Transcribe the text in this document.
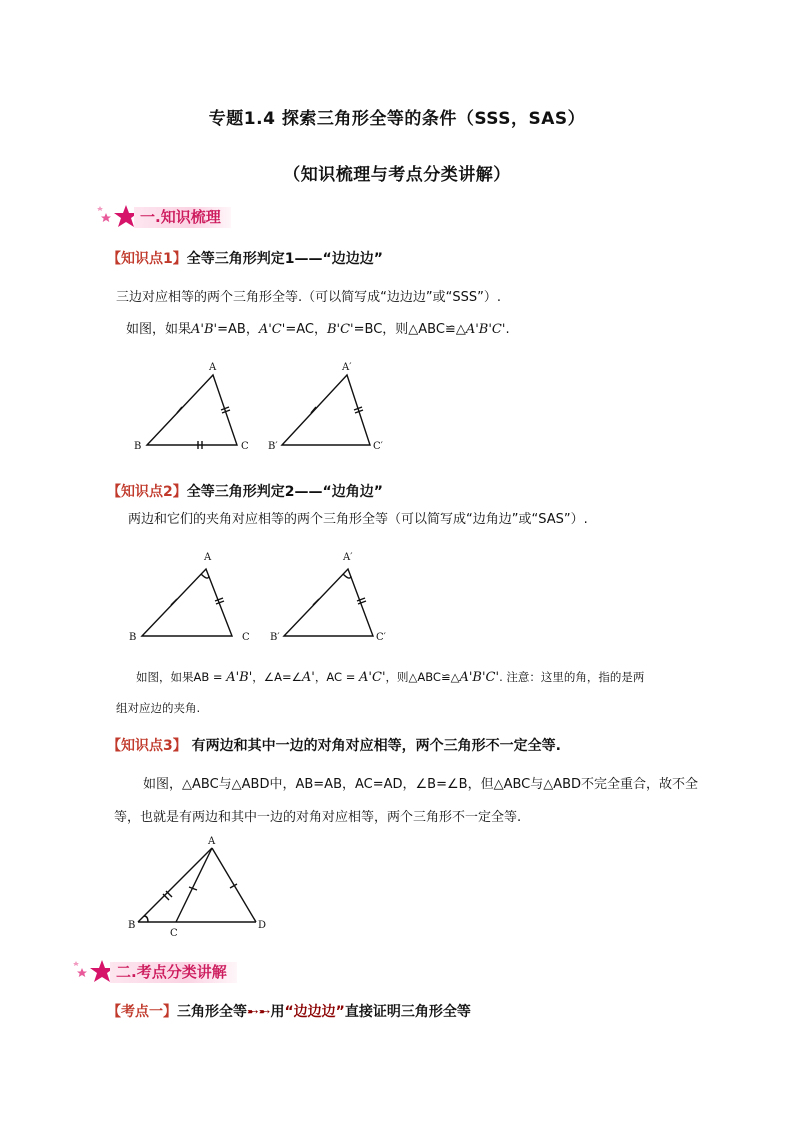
专题1.4 探索三角形全等的条件（SSS，SAS）
（知识梳理与考点分类讲解）
一.知识梳理
【知识点1】全等三角形判定1——“边边边”
三边对应相等的两个三角形全等.（可以简写成“边边边”或“SSS”）.
如图，如果A'B'=AB，A'C'=AC，B'C'=BC，则△ABC≌△A'B'C'.
A
B	C
A′
B′	C′
【知识点2】全等三角形判定2——“边角边”
两边和它们的夹角对应相等的两个三角形全等（可以简写成“边角边”或“SAS”）.
A
B	C
A′
B′	C′
如图，如果AB = A'B'，∠A=∠A'，AC = A'C'，则△ABC≌△A'B'C'. 注意：这里的角，指的是两
组对应边的夹角.
【知识点3】 有两边和其中一边的对角对应相等，两个三角形不一定全等.
如图，△ABC与△ABD中，AB=AB，AC=AD，∠B=∠B，但△ABC与△ABD不完全重合，故不全
等，也就是有两边和其中一边的对角对应相等，两个三角形不一定全等.
A
B
C
D
二.考点分类讲解
【考点一】三角形全等➸➸用“边边边”直接证明三角形全等
